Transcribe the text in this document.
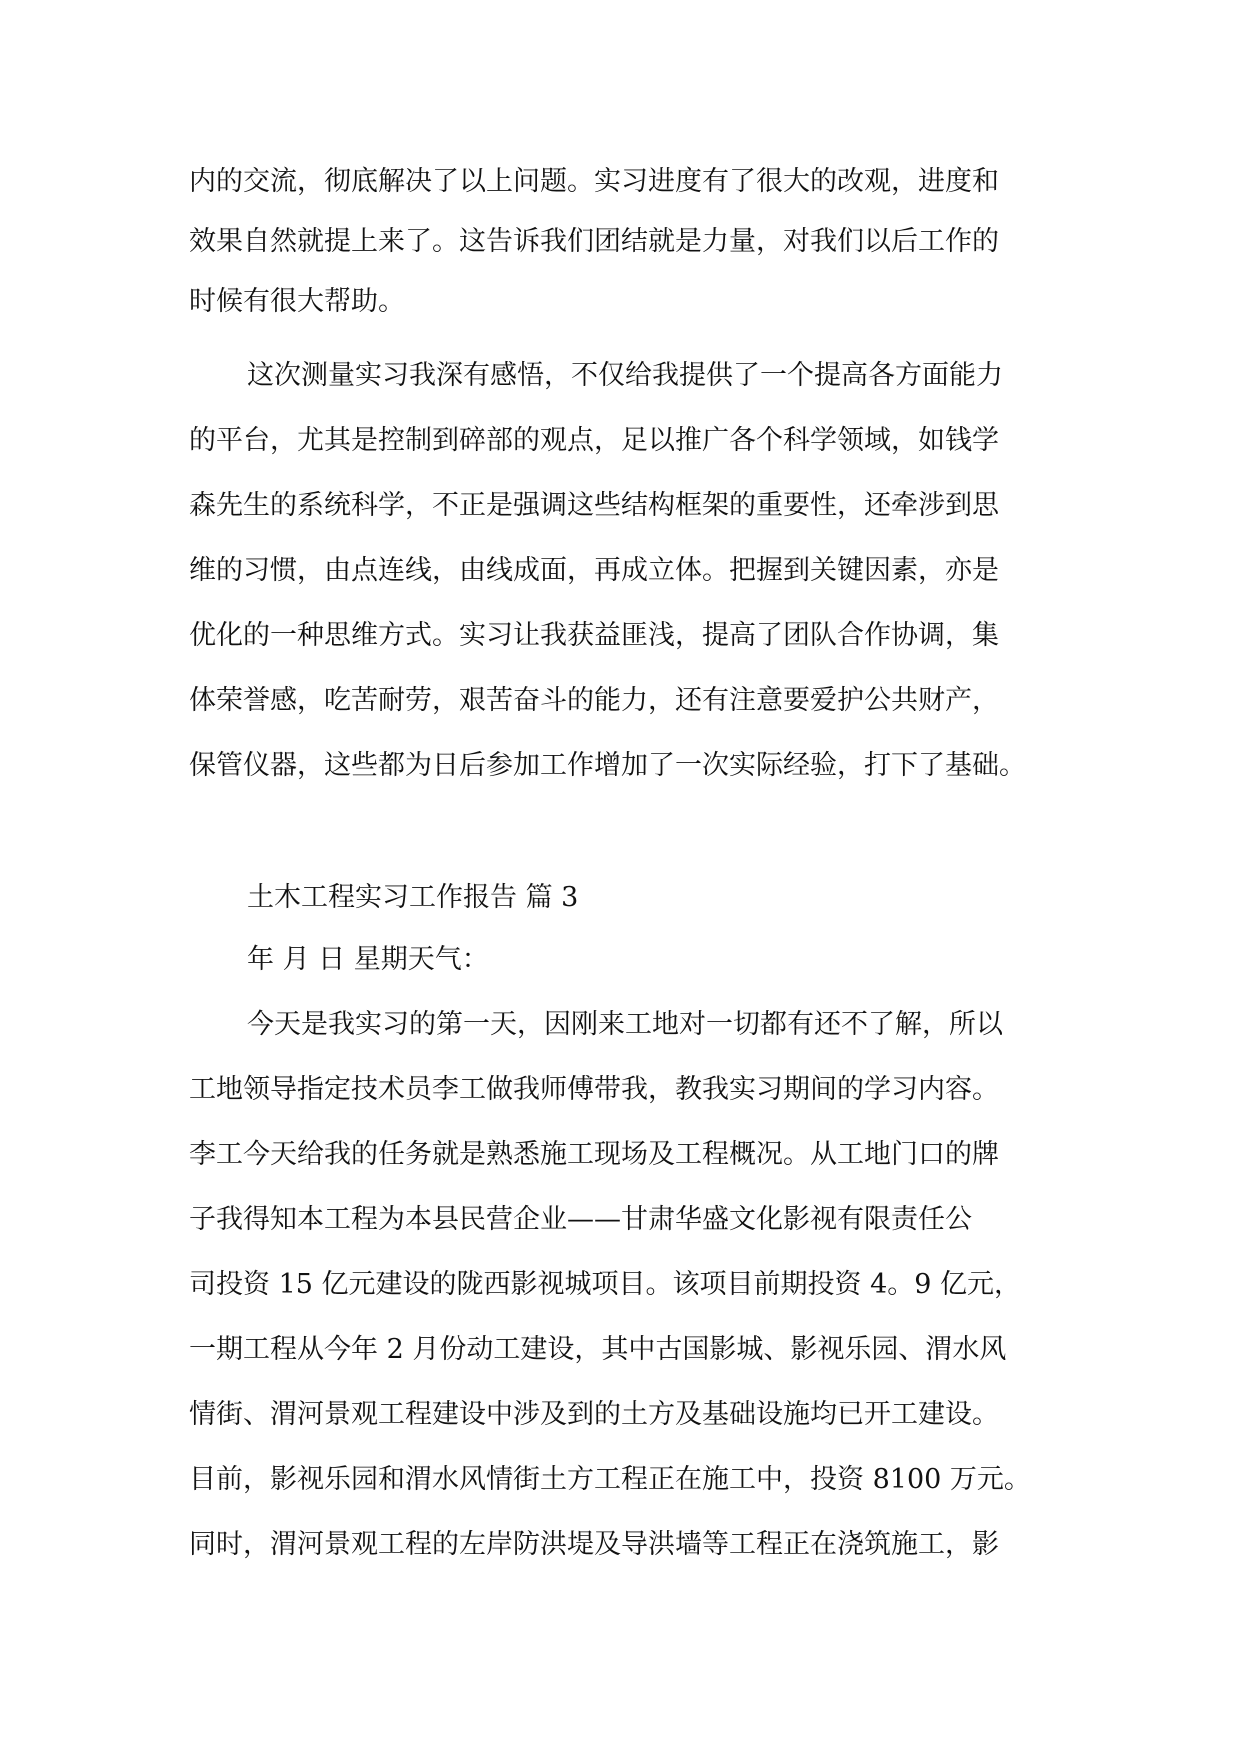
内的交流，彻底解决了以上问题。实习进度有了很大的改观，进度和
效果自然就提上来了。这告诉我们团结就是力量，对我们以后工作的
时候有很大帮助。
这次测量实习我深有感悟，不仅给我提供了一个提高各方面能力
的平台，尤其是控制到碎部的观点，足以推广各个科学领域，如钱学
森先生的系统科学，不正是强调这些结构框架的重要性，还牵涉到思
维的习惯，由点连线，由线成面，再成立体。把握到关键因素，亦是
优化的一种思维方式。实习让我获益匪浅，提高了团队合作协调，集
体荣誉感，吃苦耐劳，艰苦奋斗的能力，还有注意要爱护公共财产，
保管仪器，这些都为日后参加工作增加了一次实际经验，打下了基础。
土木工程实习工作报告 篇 3
年 月 日 星期天气：
今天是我实习的第一天，因刚来工地对一切都有还不了解，所以
工地领导指定技术员李工做我师傅带我，教我实习期间的学习内容。
李工今天给我的任务就是熟悉施工现场及工程概况。从工地门口的牌
子我得知本工程为本县民营企业——甘肃华盛文化影视有限责任公
司投资 15 亿元建设的陇西影视城项目。该项目前期投资 4。9 亿元，
一期工程从今年 2 月份动工建设，其中古国影城、影视乐园、渭水风
情街、渭河景观工程建设中涉及到的土方及基础设施均已开工建设。
目前，影视乐园和渭水风情街土方工程正在施工中，投资 8100 万元。
同时，渭河景观工程的左岸防洪堤及导洪墙等工程正在浇筑施工，影
